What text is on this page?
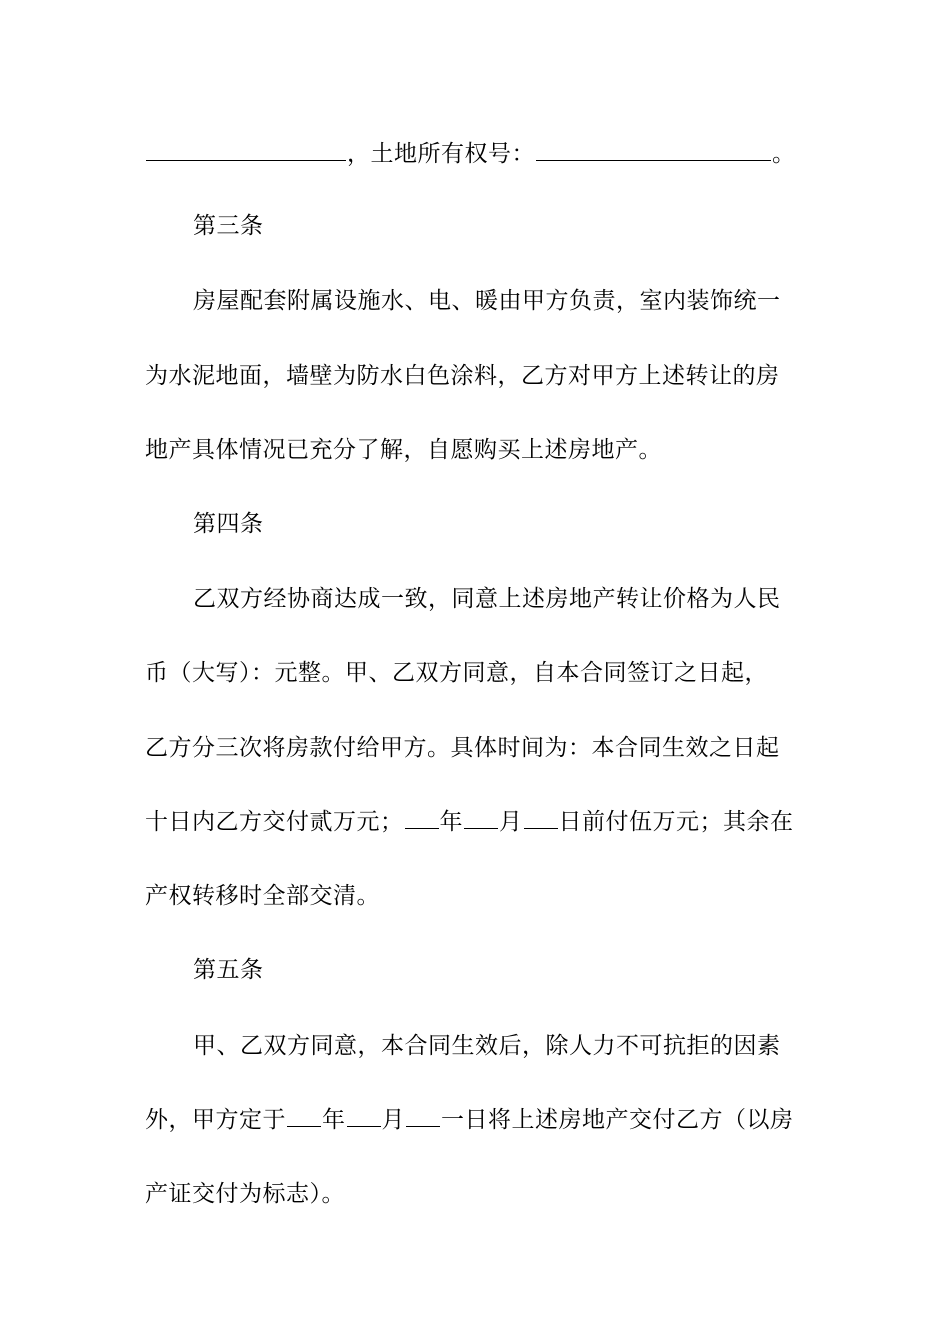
，土地所有权号：	。
第三条
房屋配套附属设施水、电、暖由甲方负责，室内装饰统一
为水泥地面，墙壁为防水白色涂料，乙方对甲方上述转让的房
地产具体情况已充分了解，自愿购买上述房地产。
第四条
乙双方经协商达成一致，同意上述房地产转让价格为人民
币（大写）：元整。甲、乙双方同意，自本合同签订之日起，
乙方分三次将房款付给甲方。具体时间为：本合同生效之日起
十日内乙方交付贰万元； 年 月 日前付伍万元；其余在
产权转移时全部交清。
第五条
甲、乙双方同意，本合同生效后，除人力不可抗拒的因素
外，甲方定于 年 月 一日将上述房地产交付乙方（以房
产证交付为标志）。
